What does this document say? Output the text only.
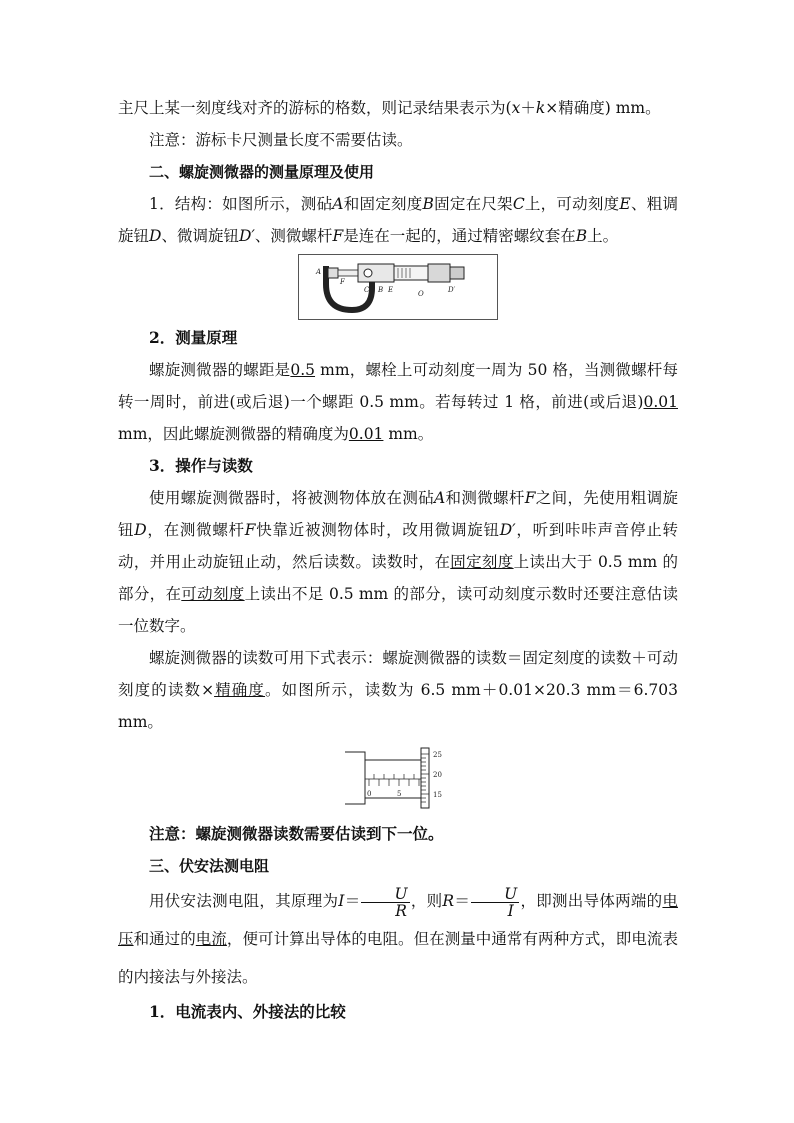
主尺上某一刻度线对齐的游标的格数，则记录结果表示为(x＋k×精确度) mm。

注意：游标卡尺测量长度不需要估读。

二、螺旋测微器的测量原理及使用

1．结构：如图所示，测砧A和固定刻度B固定在尺架C上，可动刻度E、粗调旋钮D、微调旋钮D′、测微螺杆F是连在一起的，通过精密螺纹套在B上。

A
F
C B E	O	D′

2．测量原理

螺旋测微器的螺距是0.5 mm，螺栓上可动刻度一周为 50 格，当测微螺杆每转一周时，前进(或后退)一个螺距 0.5 mm。若每转过 1 格，前进(或后退)0.01 mm，因此螺旋测微器的精确度为0.01 mm。

3．操作与读数

使用螺旋测微器时，将被测物体放在测砧A和测微螺杆F之间，先使用粗调旋钮D，在测微螺杆F快靠近被测物体时，改用微调旋钮D′，听到咔咔声音停止转动，并用止动旋钮止动，然后读数。读数时，在固定刻度上读出大于 0.5 mm 的部分，在可动刻度上读出不足 0.5 mm 的部分，读可动刻度示数时还要注意估读一位数字。

螺旋测微器的读数可用下式表示：螺旋测微器的读数＝固定刻度的读数＋可动刻度的读数×精确度。如图所示，读数为 6.5 mm＋0.01×20.3 mm＝6.703 mm。

0	5
25
20
15

注意：螺旋测微器读数需要估读到下一位。

三、伏安法测电阻

用伏安法测电阻，其原理为$I= \frac{U}{R}$ ，则$R= \frac{U}{I}$ ，即测出导体两端的电压和通过的电流，便可计算出导体的电阻。但在测量中通常有两种方式，即电流表的内接法与外接法。

1．电流表内、外接法的比较
